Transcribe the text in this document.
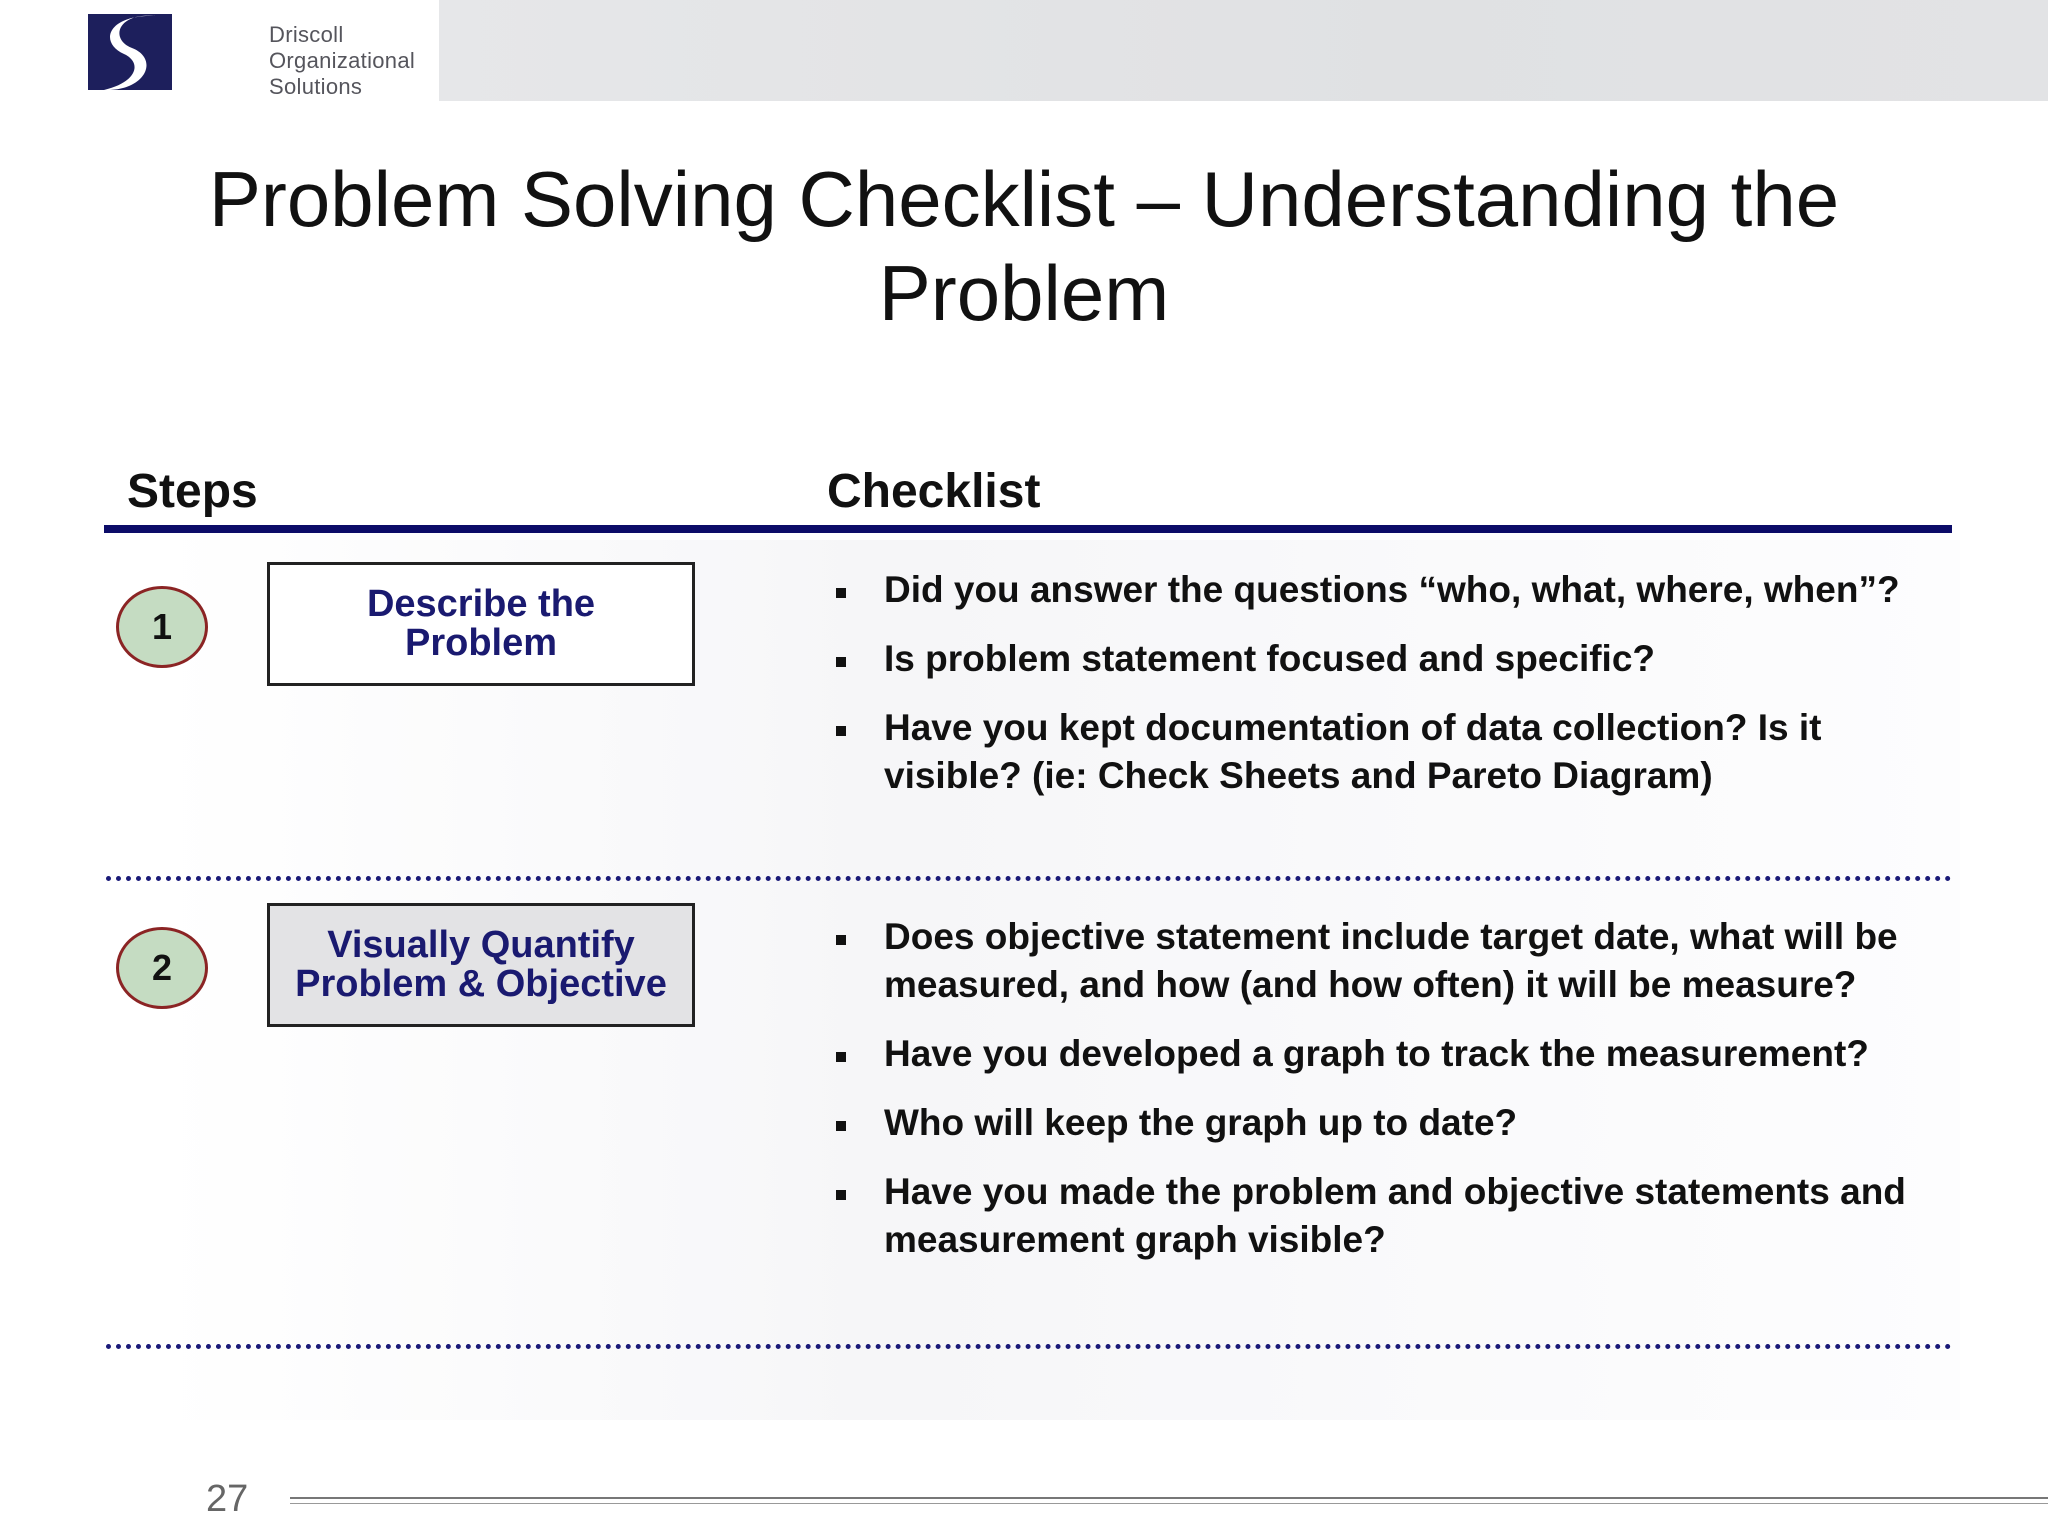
Driscoll
Organizational
Solutions

Problem Solving Checklist – Understanding the
Problem
Steps	Checklist
1
Describe the
Problem
Did you answer the questions “who, what, where, when”?
Is problem statement focused and specific?
Have you kept documentation of data collection? Is it visible? (ie: Check Sheets and Pareto Diagram)
2
Visually Quantify
Problem & Objective
Does objective statement include target date, what will be measured, and how (and how often) it will be measure?
Have you developed a graph to track the measurement?
Who will keep the graph up to date?
Have you made the problem and objective statements and measurement graph visible?

27
